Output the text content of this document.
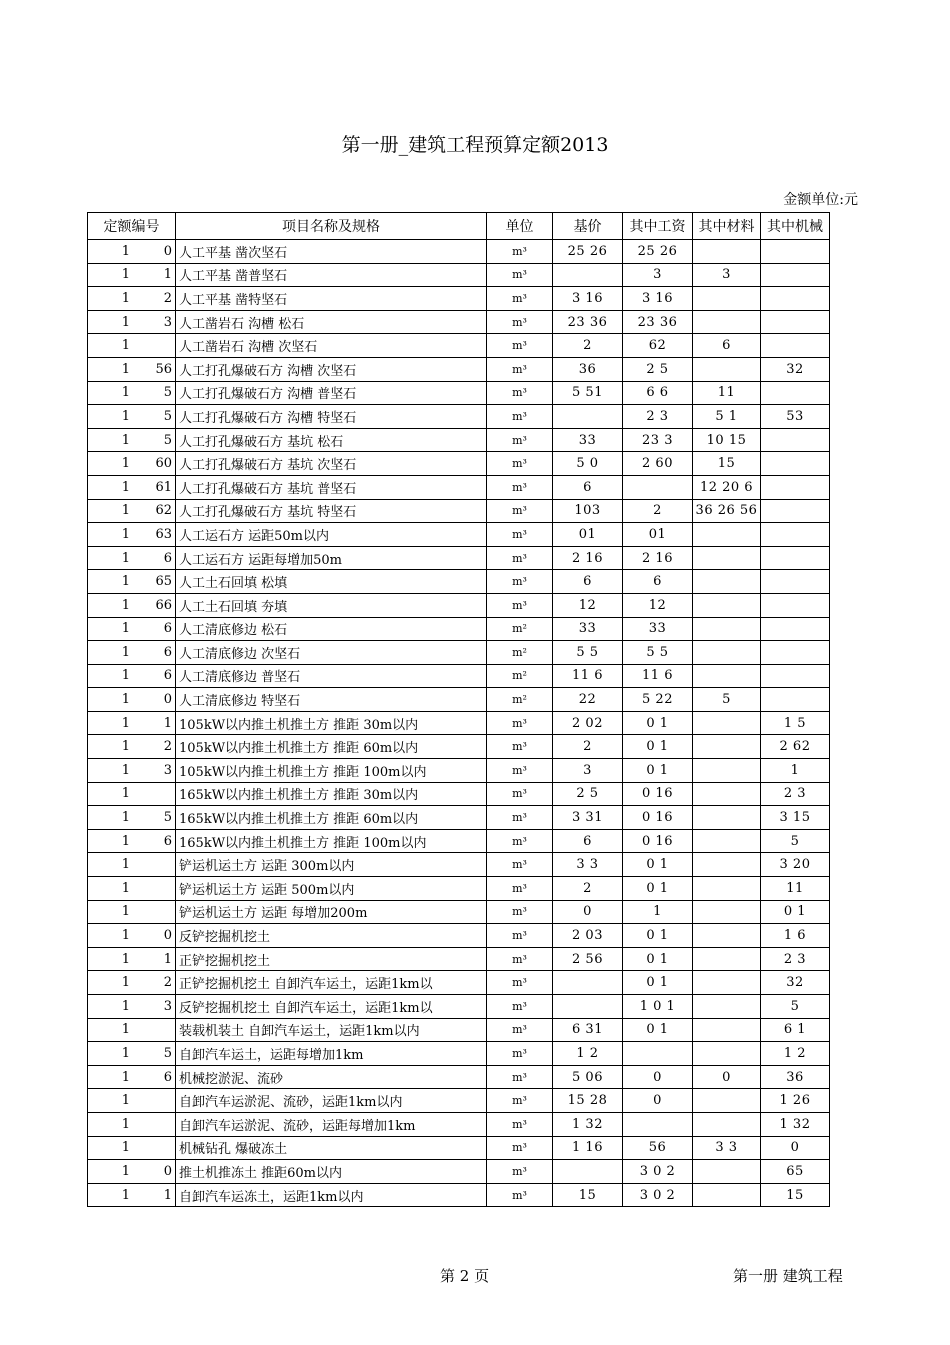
第一册_建筑工程预算定额2013
金额单位:元
定额编号	项目名称及规格	单位	基价	其中工资	其中材料	其中机械
1 0	人工平基 凿次坚石	m³	25 26	25 26		
1 1	人工平基 凿普坚石	m³		3	3	
1 2	人工平基 凿特坚石	m³	3 16	3 16		
1 3	人工凿岩石 沟槽 松石	m³	23 36	23 36		
1	人工凿岩石 沟槽 次坚石	m³	2	62	6	
1 56	人工打孔爆破石方 沟槽 次坚石	m³	36	2 5		32
1 5	人工打孔爆破石方 沟槽 普坚石	m³	5 51	6 6	11	
1 5	人工打孔爆破石方 沟槽 特坚石	m³		2 3	5 1	53
1 5	人工打孔爆破石方 基坑 松石	m³	33	23 3	10 15	
1 60	人工打孔爆破石方 基坑 次坚石	m³	5 0	2 60	15	
1 61	人工打孔爆破石方 基坑 普坚石	m³	6		12 20 6	
1 62	人工打孔爆破石方 基坑 特坚石	m³	103	2	36 26 56	
1 63	人工运石方 运距50m以内	m³	01	01		
1 6	人工运石方 运距每增加50m	m³	2 16	2 16		
1 65	人工土石回填 松填	m³	6	6		
1 66	人工土石回填 夯填	m³	12	12		
1 6	人工清底修边 松石	m²	33	33		
1 6	人工清底修边 次坚石	m²	5 5	5 5		
1 6	人工清底修边 普坚石	m²	11 6	11 6		
1 0	人工清底修边 特坚石	m²	22	5 22	5	
1 1	105kW以内推土机推土方 推距 30m以内	m³	2 02	0 1		1 5
1 2	105kW以内推土机推土方 推距 60m以内	m³	2	0 1		2 62
1 3	105kW以内推土机推土方 推距 100m以内	m³	3	0 1		1
1	165kW以内推土机推土方 推距 30m以内	m³	2 5	0 16		2 3
1 5	165kW以内推土机推土方 推距 60m以内	m³	3 31	0 16		3 15
1 6	165kW以内推土机推土方 推距 100m以内	m³	6	0 16		5
1	铲运机运土方 运距 300m以内	m³	3 3	0 1		3 20
1	铲运机运土方 运距 500m以内	m³	2	0 1		11
1	铲运机运土方 运距 每增加200m	m³	0	1		0 1
1 0	反铲挖掘机挖土	m³	2 03	0 1		1 6
1 1	正铲挖掘机挖土	m³	2 56	0 1		2 3
1 2	正铲挖掘机挖土 自卸汽车运土，运距1km以	m³		0 1		32
1 3	反铲挖掘机挖土 自卸汽车运土，运距1km以	m³		1 0 1		5
1	装载机装土 自卸汽车运土，运距1km以内	m³	6 31	0 1		6 1
1 5	自卸汽车运土，运距每增加1km	m³	1 2			1 2
1 6	机械挖淤泥、流砂	m³	5 06	0	0	36
1	自卸汽车运淤泥、流砂，运距1km以内	m³	15 28	0		1 26
1	自卸汽车运淤泥、流砂，运距每增加1km	m³	1 32			1 32
1	机械钻孔 爆破冻土	m³	1 16	56	3 3	0
1 0	推土机推冻土 推距60m以内	m³		3 0 2		65
1 1	自卸汽车运冻土，运距1km以内	m³	15	3 0 2		15
第 2 页	第一册 建筑工程
